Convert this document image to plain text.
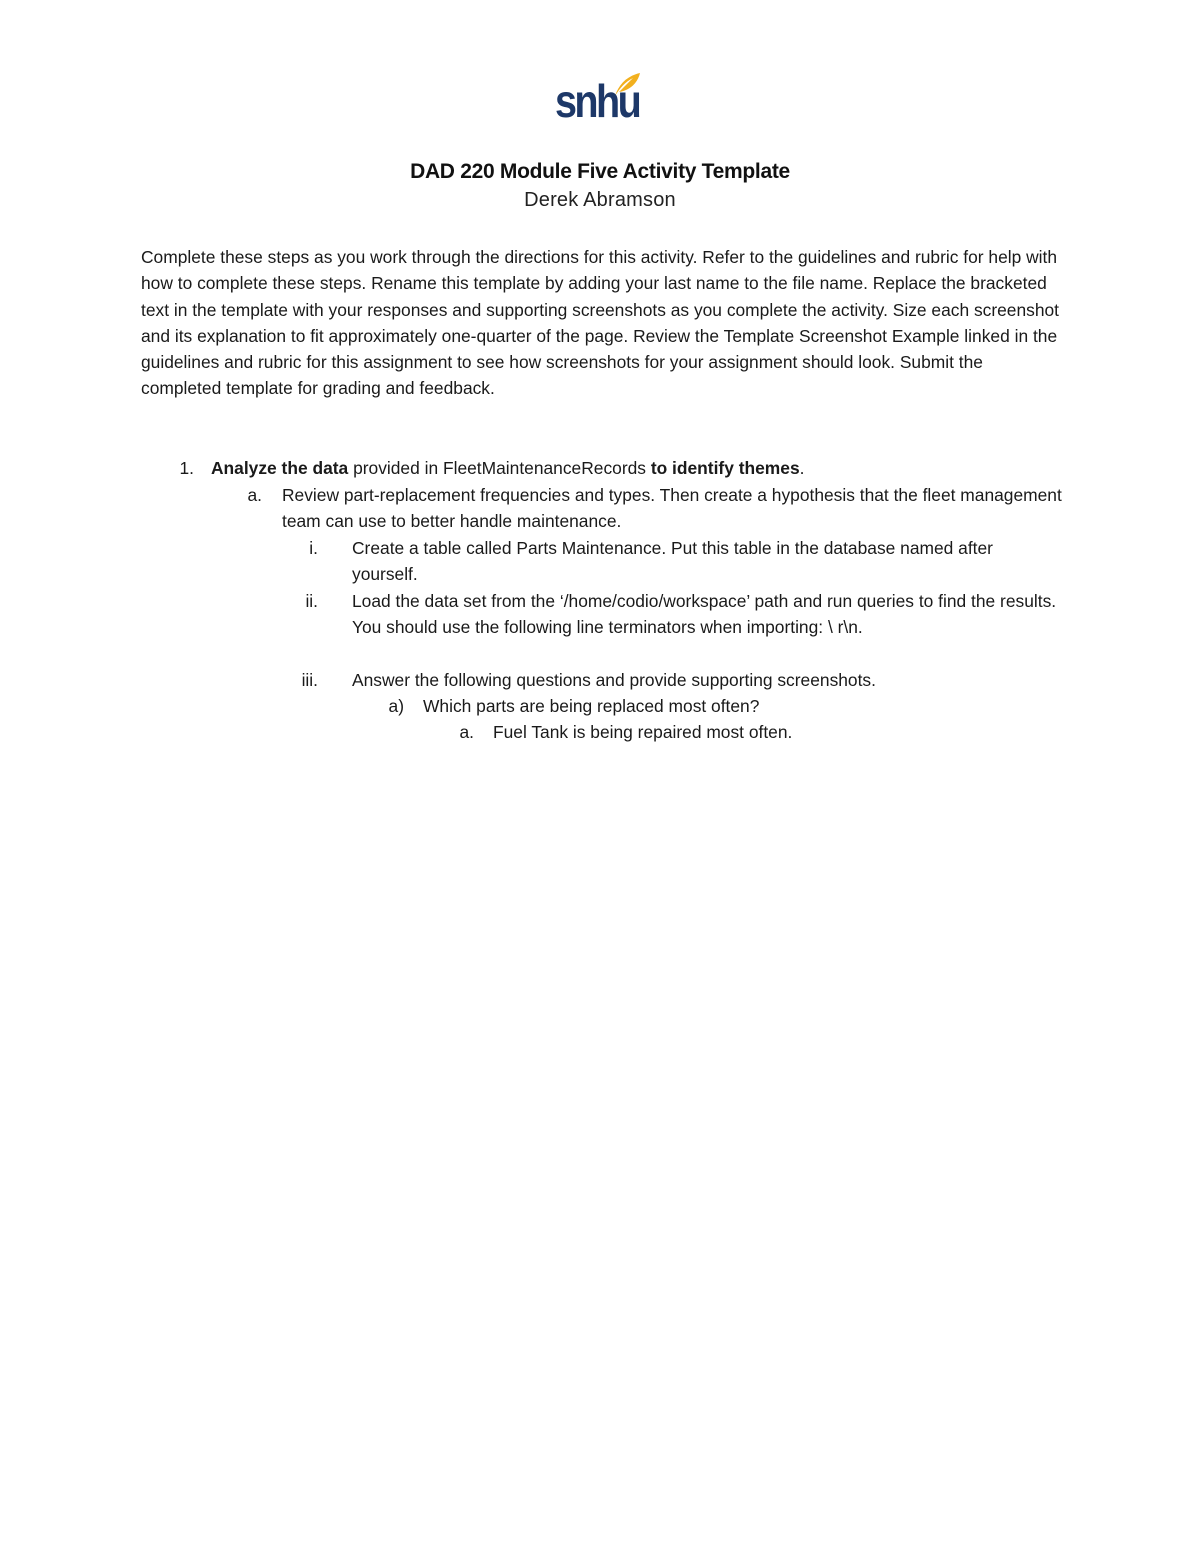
snhu
DAD 220 Module Five Activity Template
Derek Abramson

Complete these steps as you work through the directions for this activity. Refer to the guidelines and rubric for help with how to complete these steps. Rename this template by adding your last name to the file name. Replace the bracketed text in the template with your responses and supporting screenshots as you complete the activity. Size each screenshot and its explanation to fit approximately one-quarter of the page. Review the Template Screenshot Example linked in the guidelines and rubric for this assignment to see how screenshots for your assignment should look. Submit the completed template for grading and feedback.

1. Analyze the data provided in FleetMaintenanceRecords to identify themes.
a. Review part-replacement frequencies and types. Then create a hypothesis that the fleet management team can use to better handle maintenance.

i. Create a table called Parts Maintenance. Put this table in the database named after yourself.

ii. Load the data set from the ‘/home/codio/workspace’ path and run queries to find the results. You should use the following line terminators when importing: \ r\n.

iii. Answer the following questions and provide supporting screenshots.

a) Which parts are being replaced most often?

a. Fuel Tank is being repaired most often.
